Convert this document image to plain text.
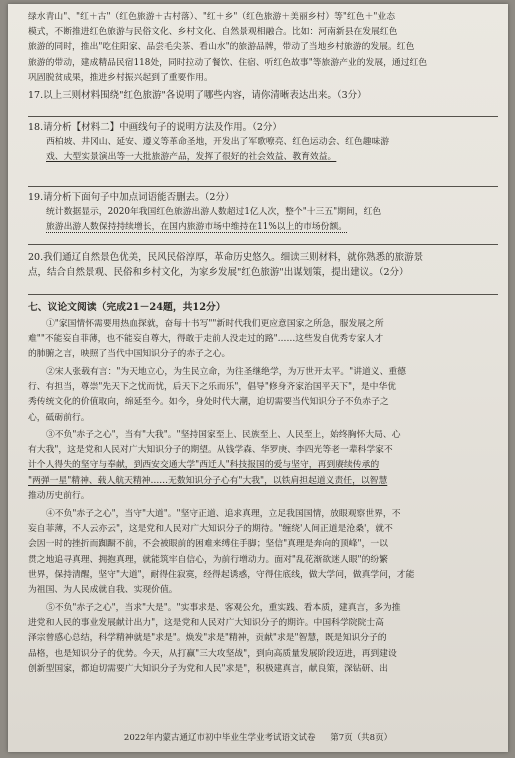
绿水青山"、"红＋古"（红色旅游＋古村落）、"红＋乡"（红色旅游＋美丽乡村）等"红色＋"业态

模式，不断推进红色旅游与民俗文化、乡村文化、自然景观相融合。比如：河南新县在发展红色

旅游的同时，推出"吃住阳家、品尝毛尖茶、看山水"的旅游品牌，带动了当地乡村旅游的发展。红色

旅游的带动，建成精品民宿118处，同时拉动了餐饮、住宿、听红色故事"等旅游产业的发展，通过红色

巩固脱贫成果，推进乡村振兴起到了重要作用。

17.以上三则材料围绕"红色旅游"各说明了哪些内容，请你清晰表达出来。（3分）

18.请分析【材料二】中画线句子的说明方法及作用。（2分）

西柏坡、井冈山、延安、遵义等革命圣地，开发出了军歌嘹亮、红色运动会、红色趣味游

戏、大型实景演出等一大批旅游产品，发挥了很好的社会效益、教育效益。

19.请分析下面句子中加点词语能否删去。（2分）

统计数据显示，2020年我国红色旅游出游人数超过1亿人次，整个"十三五"期间，红色

旅游出游人数保持持续增长，在国内旅游市场中维持在11%以上的市场份额。

20.我们通辽自然景色优美，民风民俗淳厚，革命历史悠久。细读三则材料，就你熟悉的旅游景

点，结合自然景观、民俗和乡村文化，为家乡发展"红色旅游"出谋划策，提出建议。（2分）

七、议论文阅读（完成21－24题，共12分）

①"家国情怀需要用热血探就，奋每十书写""新时代我们更应意国家之所急，服发展之所

难""不能妄自菲薄，也不能妄自尊大，得敢于走前人没走过的路"……这些发自优秀专家人才

的肺腑之言，映照了当代中国知识分子的赤子之心。

②宋人张载有言："为天地立心，为生民立命，为往圣继绝学，为万世开太平。"讲道义、重德

行、有担当，尊崇"先天下之忧而忧，后天下之乐而乐"，倡导"修身齐家治国平天下"，是中华优

秀传统文化的价值取向，绵延至今。如今，身处时代大潮，迫切需要当代知识分子不负赤子之

心，砥砺前行。

③不负"赤子之心"，当有"大我"。"坚持国家至上、民族至上、人民至上，始终胸怀大局、心

有大我"，这是党和人民对广大知识分子的期望。从钱学森、华罗庚、李四光等老一辈科学家不

计个人得失的坚守与奉献，到西安交通大学"西迁人"科技报国的爱与坚守，再到赓续传承的

"两弹一星"精神、载人航天精神……无数知识分子心有"大我"，以铁肩担起道义责任，以智慧

推动历史前行。

④不负"赤子之心"，当守"大道"。"坚守正道、追求真理，立足我国国情，放眼观察世界，不

妄自菲薄，不人云亦云"，这是党和人民对广大知识分子的期待。"缠绕'人间正道是沧桑'，就不

会因一时的挫折而踟蹰不前，不会被眼前的困难来缚住手脚；坚信"真理是奔向的顶峰"，一以

贯之地追寻真理、拥抱真理，就能筑牢自信心，为前行增动力。面对"乱花渐欲迷人眼"的纷繁

世界，保持清醒，坚守"大道"，耐得住寂寞，经得起诱惑，守得住底线，做大学问，做真学问，才能

为祖国、为人民成就自我、实现价值。

⑤不负"赤子之心"，当求"大是"。"实事求是、客观公允，重实践、看本质，建真言，多为推

进党和人民的事业发展献计出力"，这是党和人民对广大知识分子的期许。中国科学院院士高

泽宗曾感心总结，科学精神就是"求是"。焕发"求是"精神，贡献"求是"智慧，既是知识分子的

品格，也是知识分子的优势。今天，从打赢"三大攻坚战"，到向高质量发展阶段迈进，再到建设

创新型国家，都迫切需要广大知识分子为党和人民"求是"，积极建真言，献良策，深钻研、出

2022年内蒙古通辽市初中毕业生学业考试语文试卷 第7页（共8页）
